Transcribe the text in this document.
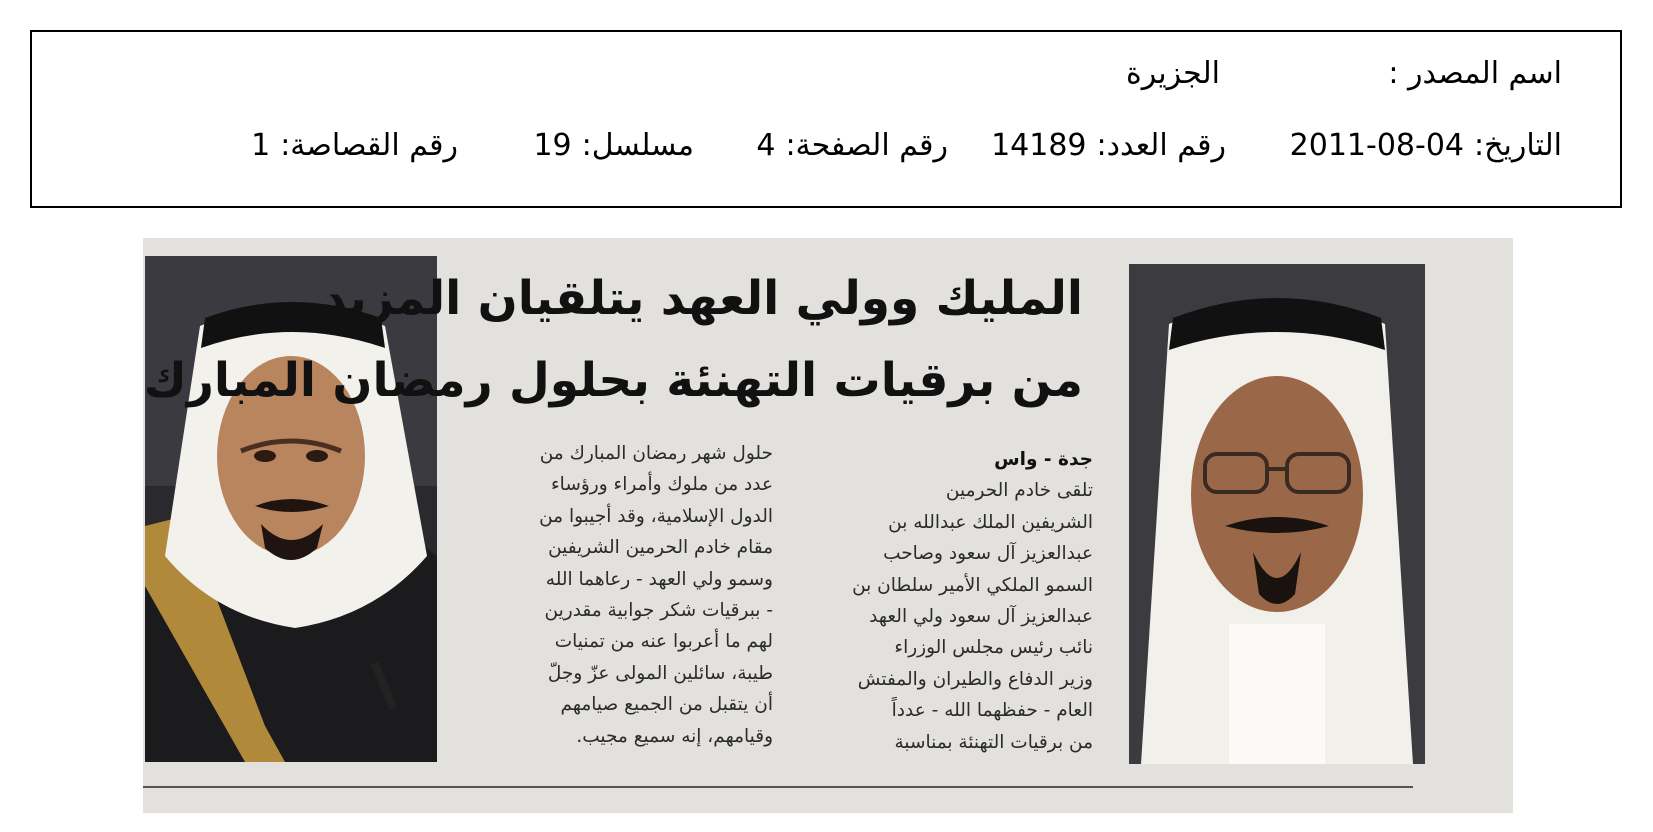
اسم المصدر :
الجزيرة
التاريخ:2011-08-04
رقم العدد:14189
رقم الصفحة:4
مسلسل:19
رقم القصاصة:1
المليك وولي العهد يتلقيان المزيد
من برقيات التهنئة بحلول رمضان المبارك
جدة - واس
تلقى خادم الحرمين
الشريفين الملك عبدالله بن
عبدالعزيز آل سعود وصاحب
السمو الملكي الأمير سلطان بن
عبدالعزيز آل سعود ولي العهد
نائب رئيس مجلس الوزراء
وزير الدفاع والطيران والمفتش
العام - حفظهما الله - عدداً
من برقيات التهنئة بمناسبة
حلول شهر رمضان المبارك من
عدد من ملوك وأمراء ورؤساء
الدول الإسلامية، وقد أجيبوا من
مقام خادم الحرمين الشريفين
وسمو ولي العهد - رعاهما الله
- ببرقيات شكر جوابية مقدرين
لهم ما أعربوا عنه من تمنيات
طيبة، سائلين المولى عزّ وجلّ
أن يتقبل من الجميع صيامهم
وقيامهم، إنه سميع مجيب.
